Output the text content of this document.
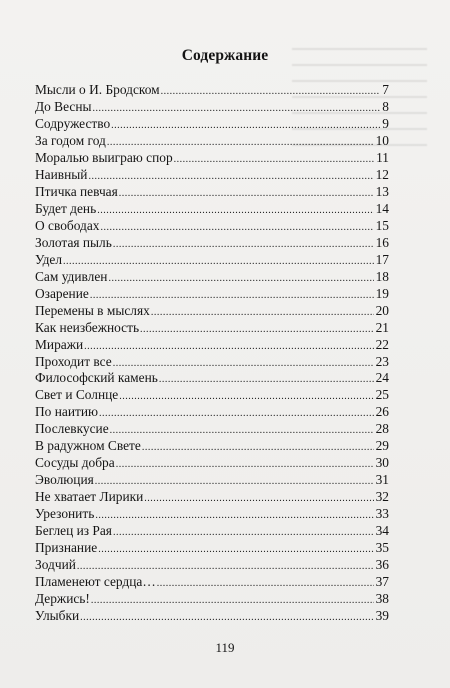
Содержание
Мысли о И. Бродском .....	7
До Весны .....	8
Содружество .....	9
За годом год .....	10
Моралью выиграю спор .....	11
Наивный .....	12
Птичка певчая .....	13
Будет день .....	14
О свободах .....	15
Золотая пыль .....	16
Удел .....	17
Сам удивлен .....	18
Озарение .....	19
Перемены в мыслях .....	20
Как неизбежность .....	21
Миражи .....	22
Проходит все .....	23
Философский камень .....	24
Свет и Солнце .....	25
По наитию .....	26
Послевкусие .....	28
В радужном Свете .....	29
Сосуды добра .....	30
Эволюция .....	31
Не хватает Лирики .....	32
Урезонить .....	33
Беглец из Рая .....	34
Признание .....	35
Зодчий .....	36
Пламенеют сердца… .....	37
Держись! .....	38
Улыбки .....	39
119
